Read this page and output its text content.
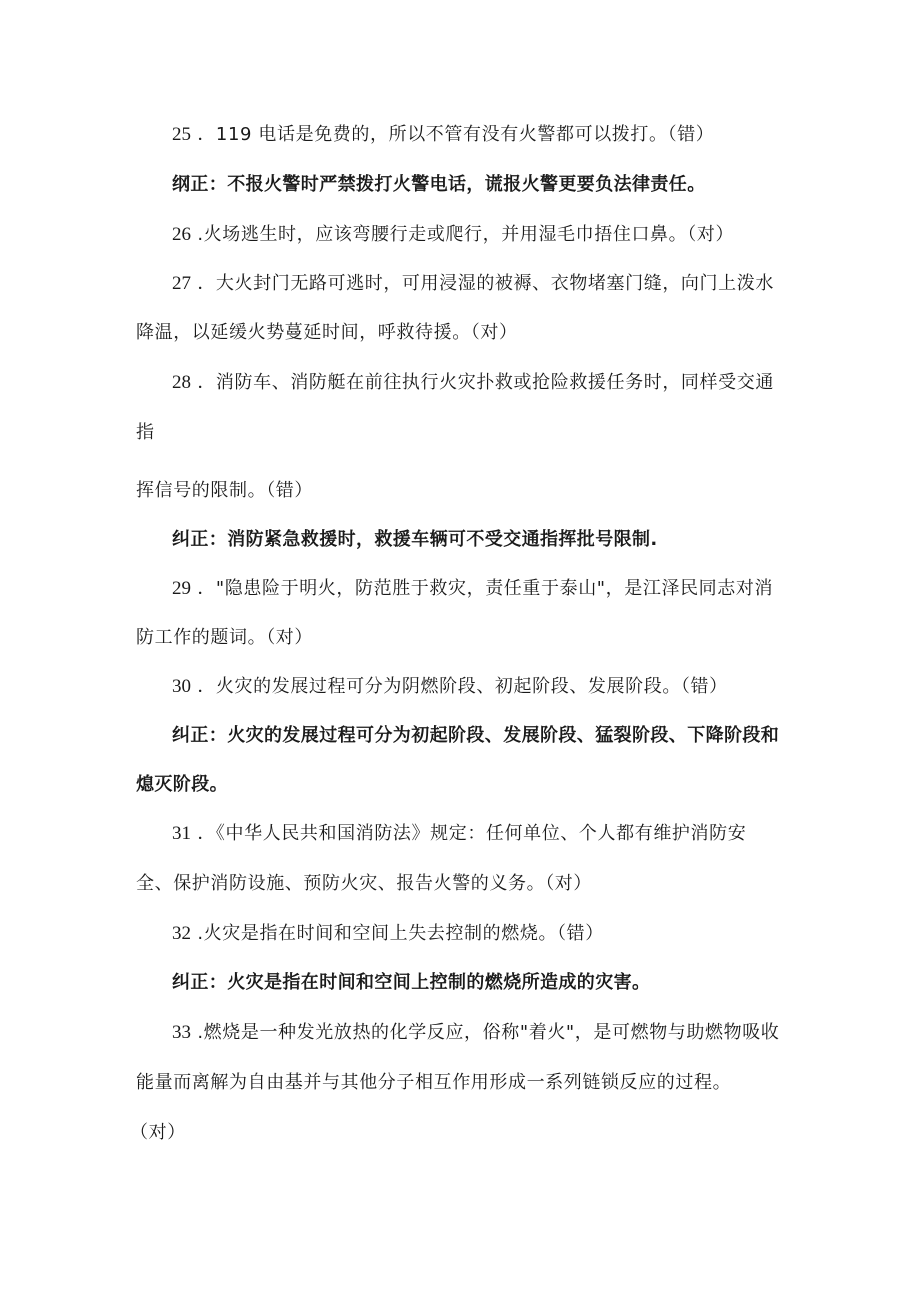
25 ．119 电话是免费的，所以不管有没有火警都可以拨打。（错）
纲正：不报火警时严禁拨打火警电话，谎报火警更要负法律责任。
26 .火场逃生时，应该弯腰行走或爬行，并用湿毛巾捂住口鼻。（对）
27 ．大火封门无路可逃时，可用浸湿的被褥、衣物堵塞门缝，向门上泼水
降温，以延缓火势蔓延时间，呼救待援。（对）
28 ．消防车、消防艇在前往执行火灾扑救或抢险救援任务时，同样受交通
指
挥信号的限制。（错）
纠正：消防紧急救援时，救援车辆可不受交通指挥批号限制.
29 ．"隐患险于明火，防范胜于救灾，责任重于泰山"，是江泽民同志对消
防工作的题词。（对）
30 ．火灾的发展过程可分为阴燃阶段、初起阶段、发展阶段。（错）
纠正：火灾的发展过程可分为初起阶段、发展阶段、猛裂阶段、下降阶段和
熄灭阶段。
31 ．《中华人民共和国消防法》规定：任何单位、个人都有维护消防安
全、保护消防设施、预防火灾、报告火警的义务。（对）
32 .火灾是指在时间和空间上失去控制的燃烧。（错）
纠正：火灾是指在时间和空间上控制的燃烧所造成的灾害。
33 .燃烧是一种发光放热的化学反应，俗称"着火"，是可燃物与助燃物吸收
能量而离解为自由基并与其他分子相互作用形成一系列链锁反应的过程。
（对）
